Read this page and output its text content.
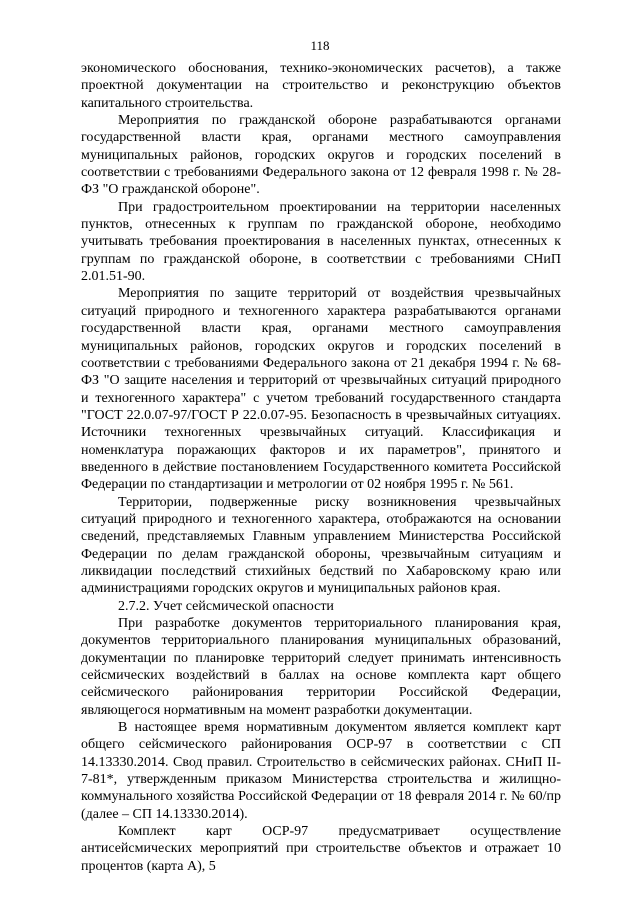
118

экономического обоснования, технико-экономических расчетов), а также проектной документации на строительство и реконструкцию объектов капитального строительства.

Мероприятия по гражданской обороне разрабатываются органами государственной власти края, органами местного самоуправления муниципальных районов, городских округов и городских поселений в соответствии с требованиями Федерального закона от 12 февраля 1998 г. № 28-ФЗ "О гражданской обороне".

При градостроительном проектировании на территории населенных пунктов, отнесенных к группам по гражданской обороне, необходимо учитывать требования проектирования в населенных пунктах, отнесенных к группам по гражданской обороне, в соответствии с требованиями СНиП 2.01.51-90.

Мероприятия по защите территорий от воздействия чрезвычайных ситуаций природного и техногенного характера разрабатываются органами государственной власти края, органами местного самоуправления муниципальных районов, городских округов и городских поселений в соответствии с требованиями Федерального закона от 21 декабря 1994 г. № 68-ФЗ "О защите населения и территорий от чрезвычайных ситуаций природного и техногенного характера" с учетом требований государственного стандарта "ГОСТ 22.0.07-97/ГОСТ Р 22.0.07-95. Безопасность в чрезвычайных ситуациях. Источники техногенных чрезвычайных ситуаций. Классификация и номенклатура поражающих факторов и их параметров", принятого и введенного в действие постановлением Государственного комитета Российской Федерации по стандартизации и метрологии от 02 ноября 1995 г. № 561.

Территории, подверженные риску возникновения чрезвычайных ситуаций природного и техногенного характера, отображаются на основании сведений, представляемых Главным управлением Министерства Российской Федерации по делам гражданской обороны, чрезвычайным ситуациям и ликвидации последствий стихийных бедствий по Хабаровскому краю или администрациями городских округов и муниципальных районов края.

2.7.2. Учет сейсмической опасности

При разработке документов территориального планирования края, документов территориального планирования муниципальных образований, документации по планировке территорий следует принимать интенсивность сейсмических воздействий в баллах на основе комплекта карт общего сейсмического районирования территории Российской Федерации, являющегося нормативным на момент разработки документации.

В настоящее время нормативным документом является комплект карт общего сейсмического районирования ОСР-97 в соответствии с СП 14.13330.2014. Свод правил. Строительство в сейсмических районах. СНиП II-7-81*, утвержденным приказом Министерства строительства и жилищно-коммунального хозяйства Российской Федерации от 18 февраля 2014 г. № 60/пр (далее – СП 14.13330.2014).

Комплект карт ОСР-97 предусматривает осуществление антисейсмических мероприятий при строительстве объектов и отражает 10 процентов (карта А), 5
